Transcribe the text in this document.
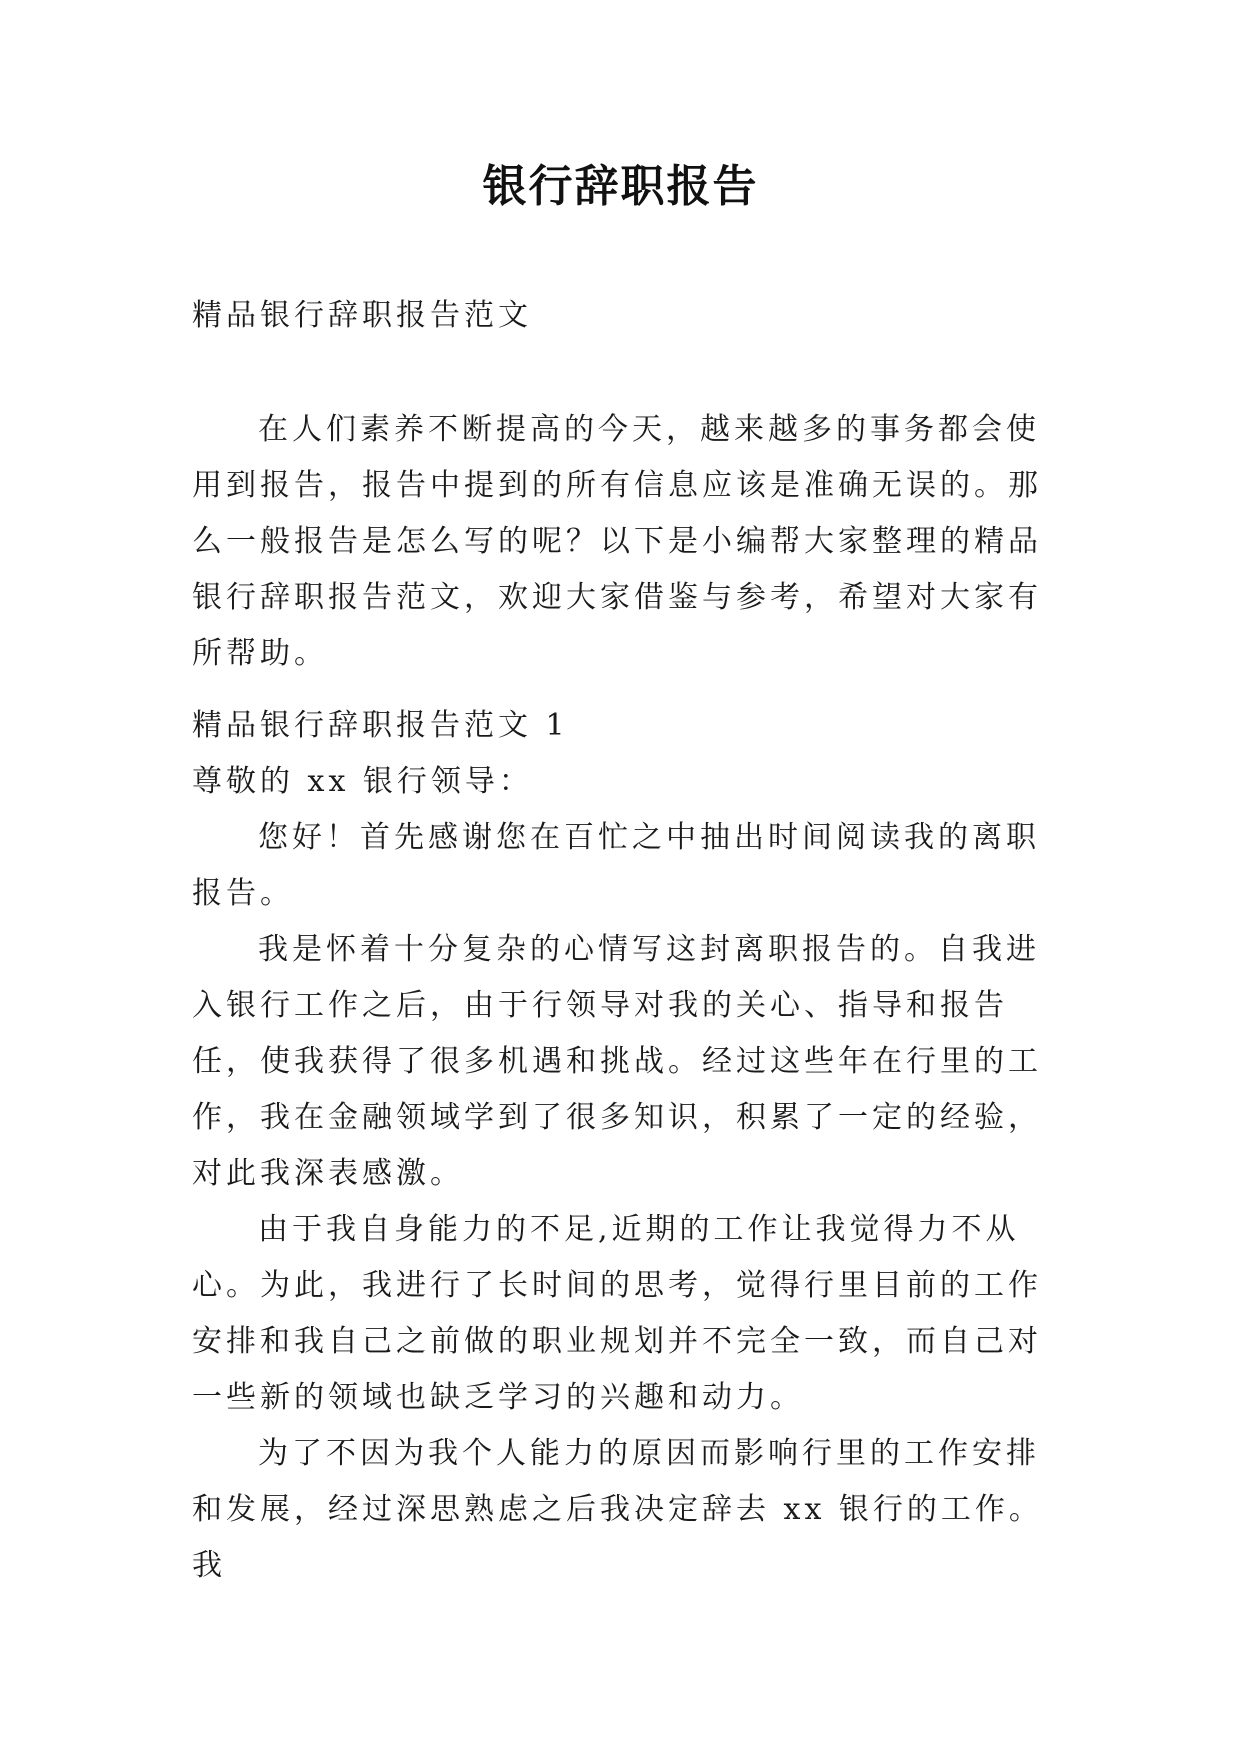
银行辞职报告
精品银行辞职报告范文

在人们素养不断提高的今天，越来越多的事务都会使用到报告，报告中提到的所有信息应该是准确无误的。那么一般报告是怎么写的呢？以下是小编帮大家整理的精品银行辞职报告范文，欢迎大家借鉴与参考，希望对大家有所帮助。

精品银行辞职报告范文 1

尊敬的 xx 银行领导：

您好！首先感谢您在百忙之中抽出时间阅读我的离职报告。

我是怀着十分复杂的心情写这封离职报告的。自我进入银行工作之后，由于行领导对我的关心、指导和报告任，使我获得了很多机遇和挑战。经过这些年在行里的工作，我在金融领域学到了很多知识，积累了一定的经验，对此我深表感激。

由于我自身能力的不足,近期的工作让我觉得力不从心。为此，我进行了长时间的思考，觉得行里目前的工作安排和我自己之前做的职业规划并不完全一致，而自己对一些新的领域也缺乏学习的兴趣和动力。

为了不因为我个人能力的原因而影响行里的工作安排和发展，经过深思熟虑之后我决定辞去 xx 银行的工作。我
